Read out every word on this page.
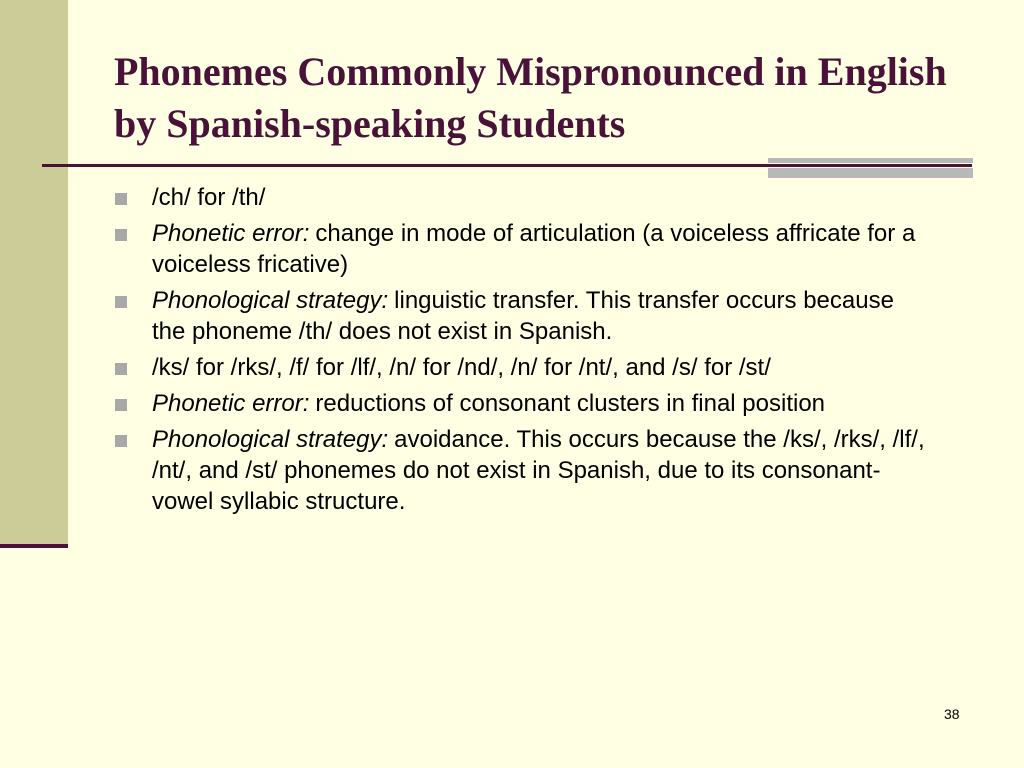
Phonemes Commonly Mispronounced in English by Spanish-speaking Students
/ch/ for /th/
Phonetic error: change in mode of articulation (a voiceless affricate for a voiceless fricative)
Phonological strategy: linguistic transfer. This transfer occurs because the phoneme /th/ does not exist in Spanish.
/ks/ for /rks/, /f/ for /lf/, /n/ for /nd/, /n/ for /nt/, and /s/ for /st/
Phonetic error: reductions of consonant clusters in final position
Phonological strategy: avoidance. This occurs because the /ks/, /rks/, /lf/, /nt/, and /st/ phonemes do not exist in Spanish, due to its consonant-vowel syllabic structure.
38
